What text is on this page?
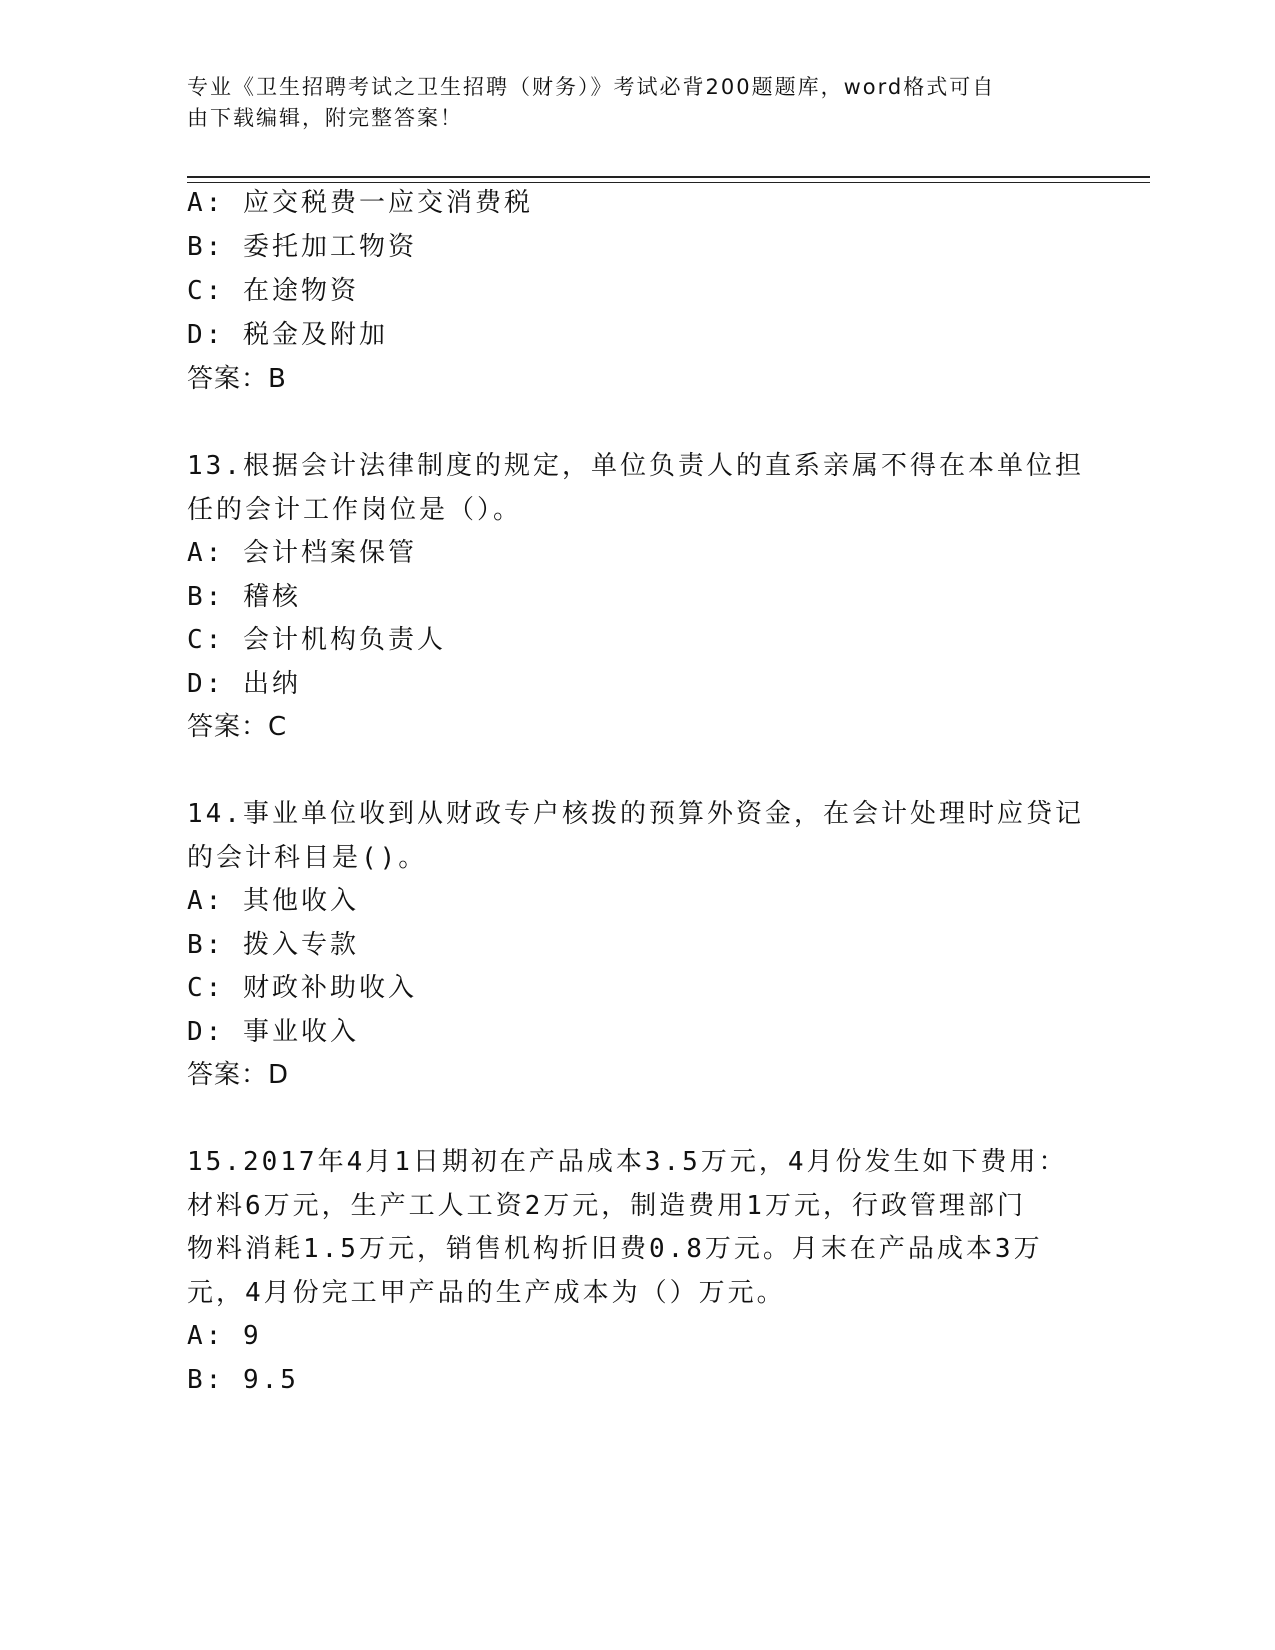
专业《卫生招聘考试之卫生招聘（财务）》考试必背200题题库，word格式可自
由下载编辑，附完整答案！
A: 应交税费一应交消费税
B: 委托加工物资
C: 在途物资
D: 税金及附加
答案：B
13.根据会计法律制度的规定，单位负责人的直系亲属不得在本单位担
任的会计工作岗位是（）。
A: 会计档案保管
B: 稽核
C: 会计机构负责人
D: 出纳
答案：C
14.事业单位收到从财政专户核拨的预算外资金，在会计处理时应贷记
的会计科目是()。
A: 其他收入
B: 拨入专款
C: 财政补助收入
D: 事业收入
答案：D
15.2017年4月1日期初在产品成本3.5万元，4月份发生如下费用：
材料6万元，生产工人工资2万元，制造费用1万元，行政管理部门
物料消耗1.5万元，销售机构折旧费0.8万元。月末在产品成本3万
元，4月份完工甲产品的生产成本为（）万元。
A: 9
B: 9.5
